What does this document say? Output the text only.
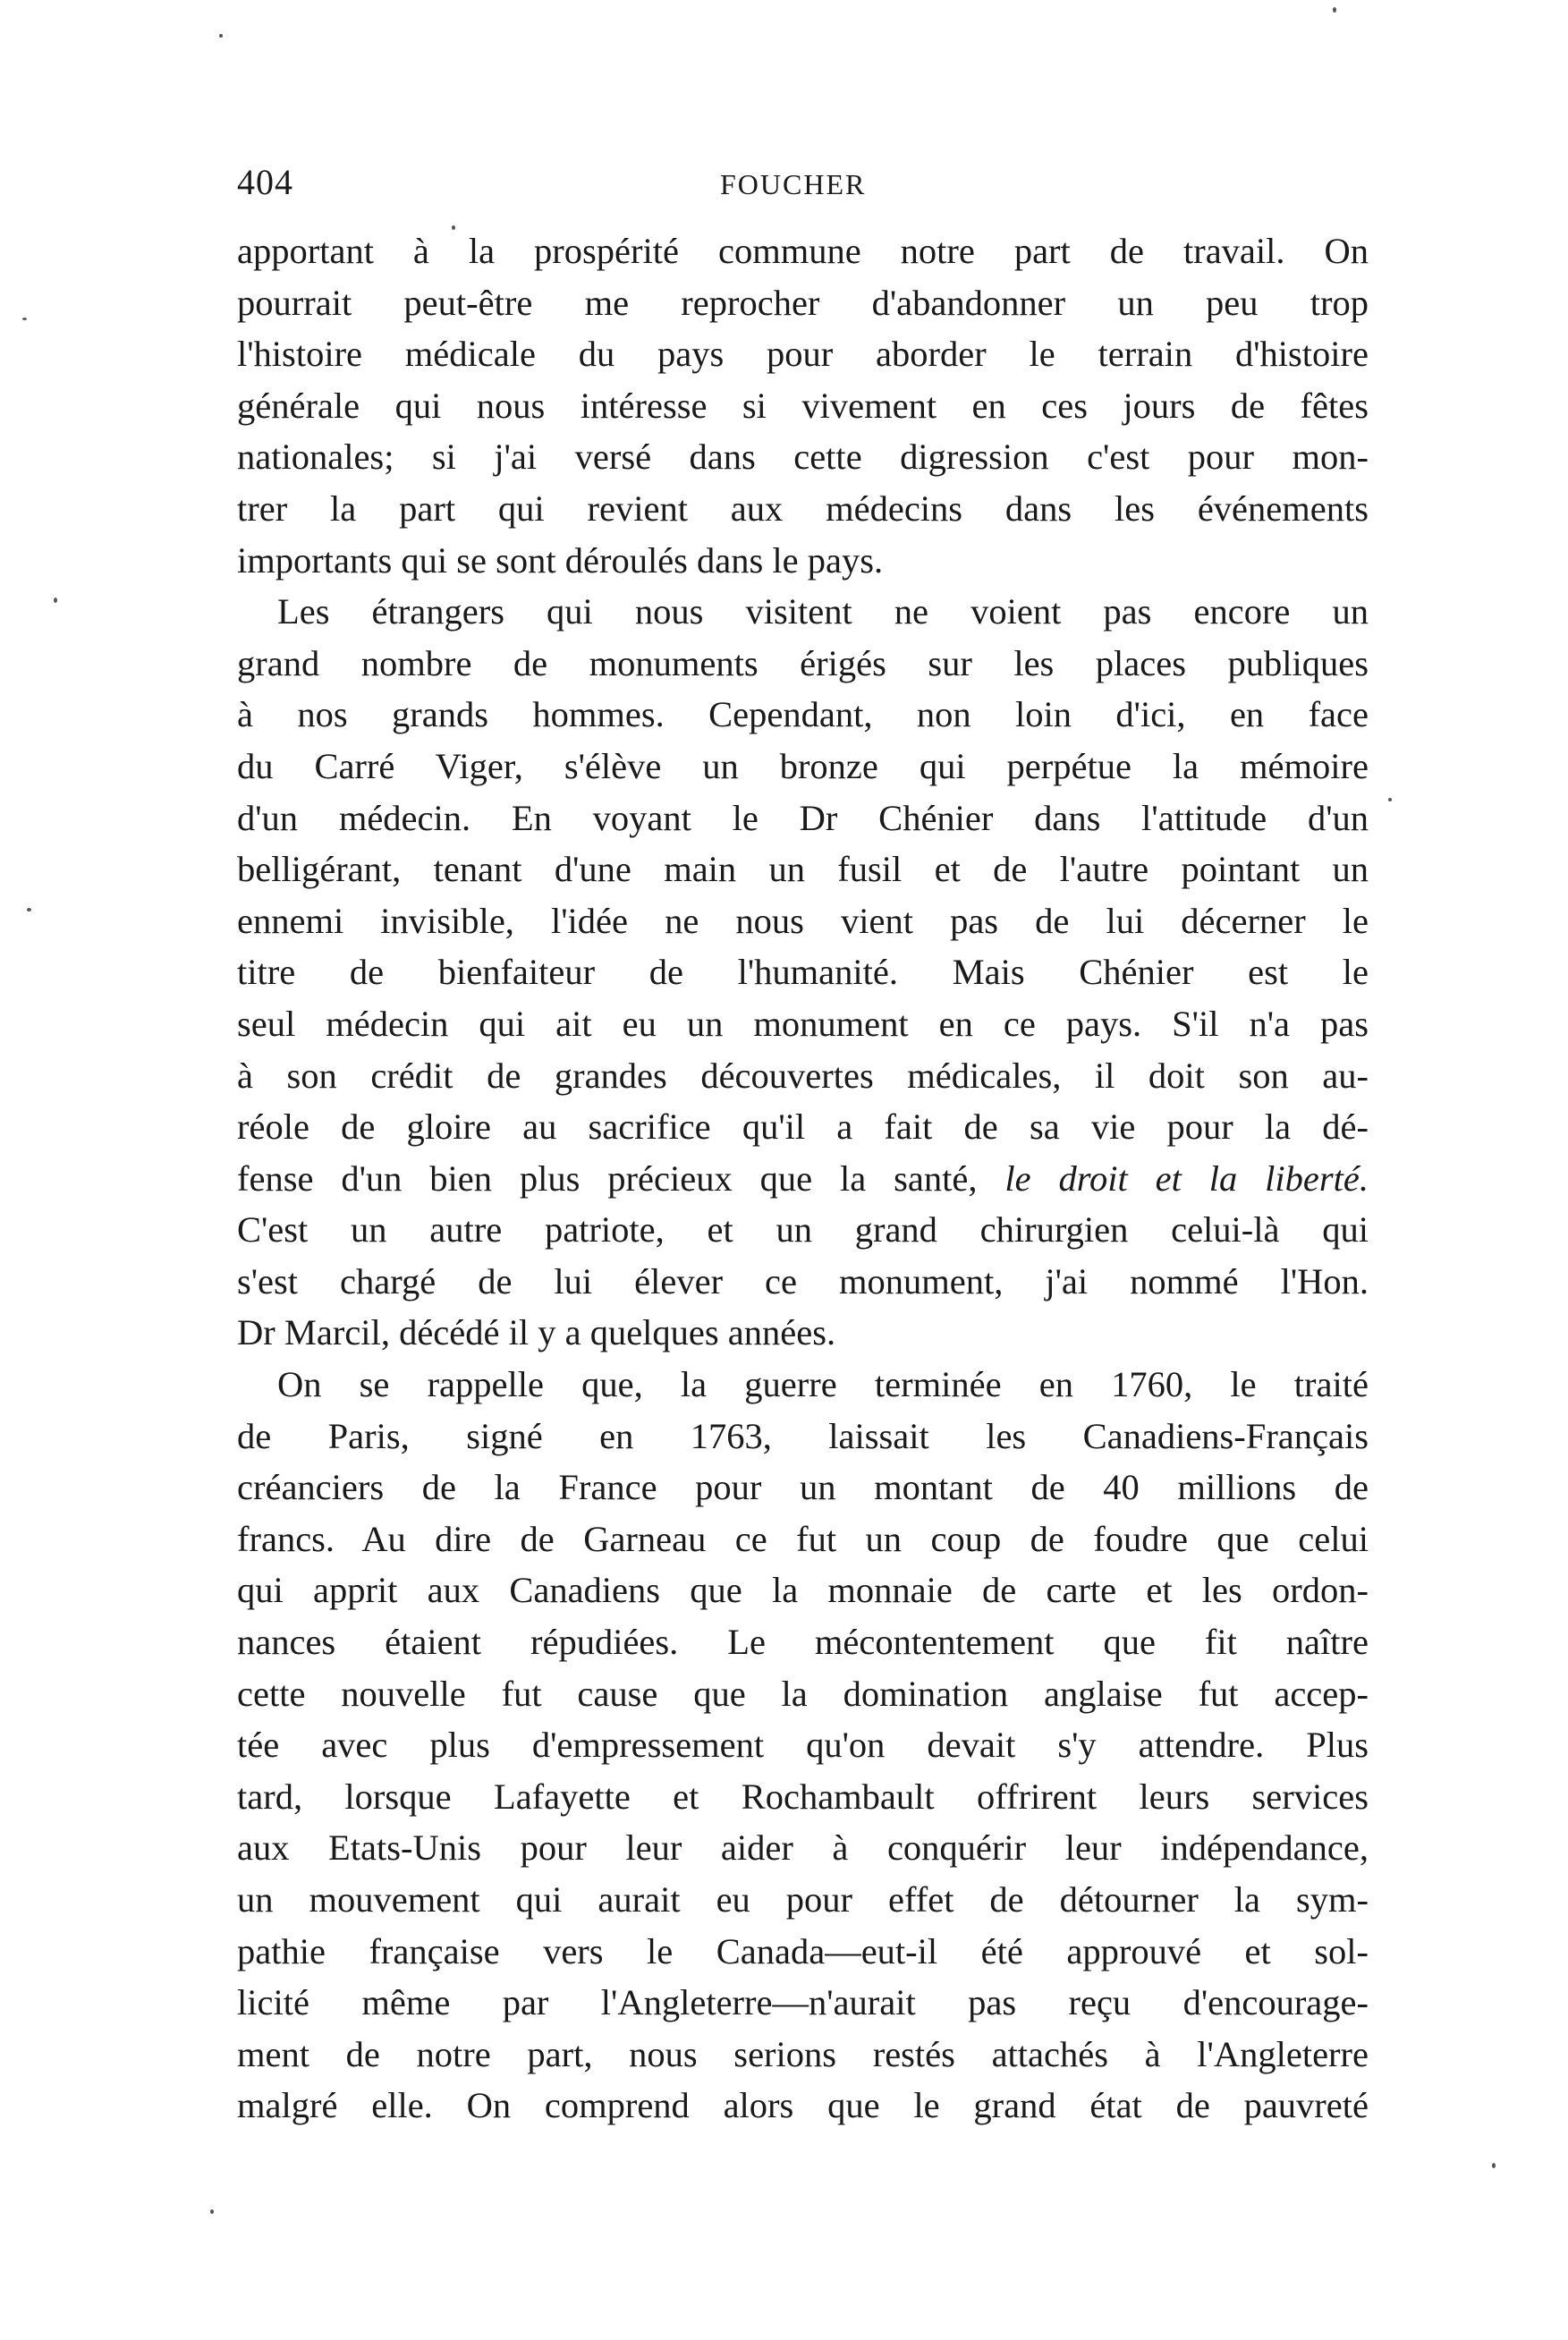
404	FOUCHER
apportant à la prospérité commune notre part de travail. On
pourrait peut-être me reprocher d'abandonner un peu trop
l'histoire médicale du pays pour aborder le terrain d'histoire
générale qui nous intéresse si vivement en ces jours de fêtes
nationales; si j'ai versé dans cette digression c'est pour mon-
trer la part qui revient aux médecins dans les événements
importants qui se sont déroulés dans le pays.
Les étrangers qui nous visitent ne voient pas encore un
grand nombre de monuments érigés sur les places publiques
à nos grands hommes. Cependant, non loin d'ici, en face
du Carré Viger, s'élève un bronze qui perpétue la mémoire
d'un médecin. En voyant le Dr Chénier dans l'attitude d'un
belligérant, tenant d'une main un fusil et de l'autre pointant un
ennemi invisible, l'idée ne nous vient pas de lui décerner le
titre de bienfaiteur de l'humanité. Mais Chénier est le
seul médecin qui ait eu un monument en ce pays. S'il n'a pas
à son crédit de grandes découvertes médicales, il doit son au-
réole de gloire au sacrifice qu'il a fait de sa vie pour la dé-
fense d'un bien plus précieux que la santé, le droit et la liberté.
C'est un autre patriote, et un grand chirurgien celui-là qui
s'est chargé de lui élever ce monument, j'ai nommé l'Hon.
Dr Marcil, décédé il y a quelques années.
On se rappelle que, la guerre terminée en 1760, le traité
de Paris, signé en 1763, laissait les Canadiens-Français
créanciers de la France pour un montant de 40 millions de
francs. Au dire de Garneau ce fut un coup de foudre que celui
qui apprit aux Canadiens que la monnaie de carte et les ordon-
nances étaient répudiées. Le mécontentement que fit naître
cette nouvelle fut cause que la domination anglaise fut accep-
tée avec plus d'empressement qu'on devait s'y attendre. Plus
tard, lorsque Lafayette et Rochambault offrirent leurs services
aux Etats-Unis pour leur aider à conquérir leur indépendance,
un mouvement qui aurait eu pour effet de détourner la sym-
pathie française vers le Canada—eut-il été approuvé et sol-
licité même par l'Angleterre—n'aurait pas reçu d'encourage-
ment de notre part, nous serions restés attachés à l'Angleterre
malgré elle. On comprend alors que le grand état de pauvreté
